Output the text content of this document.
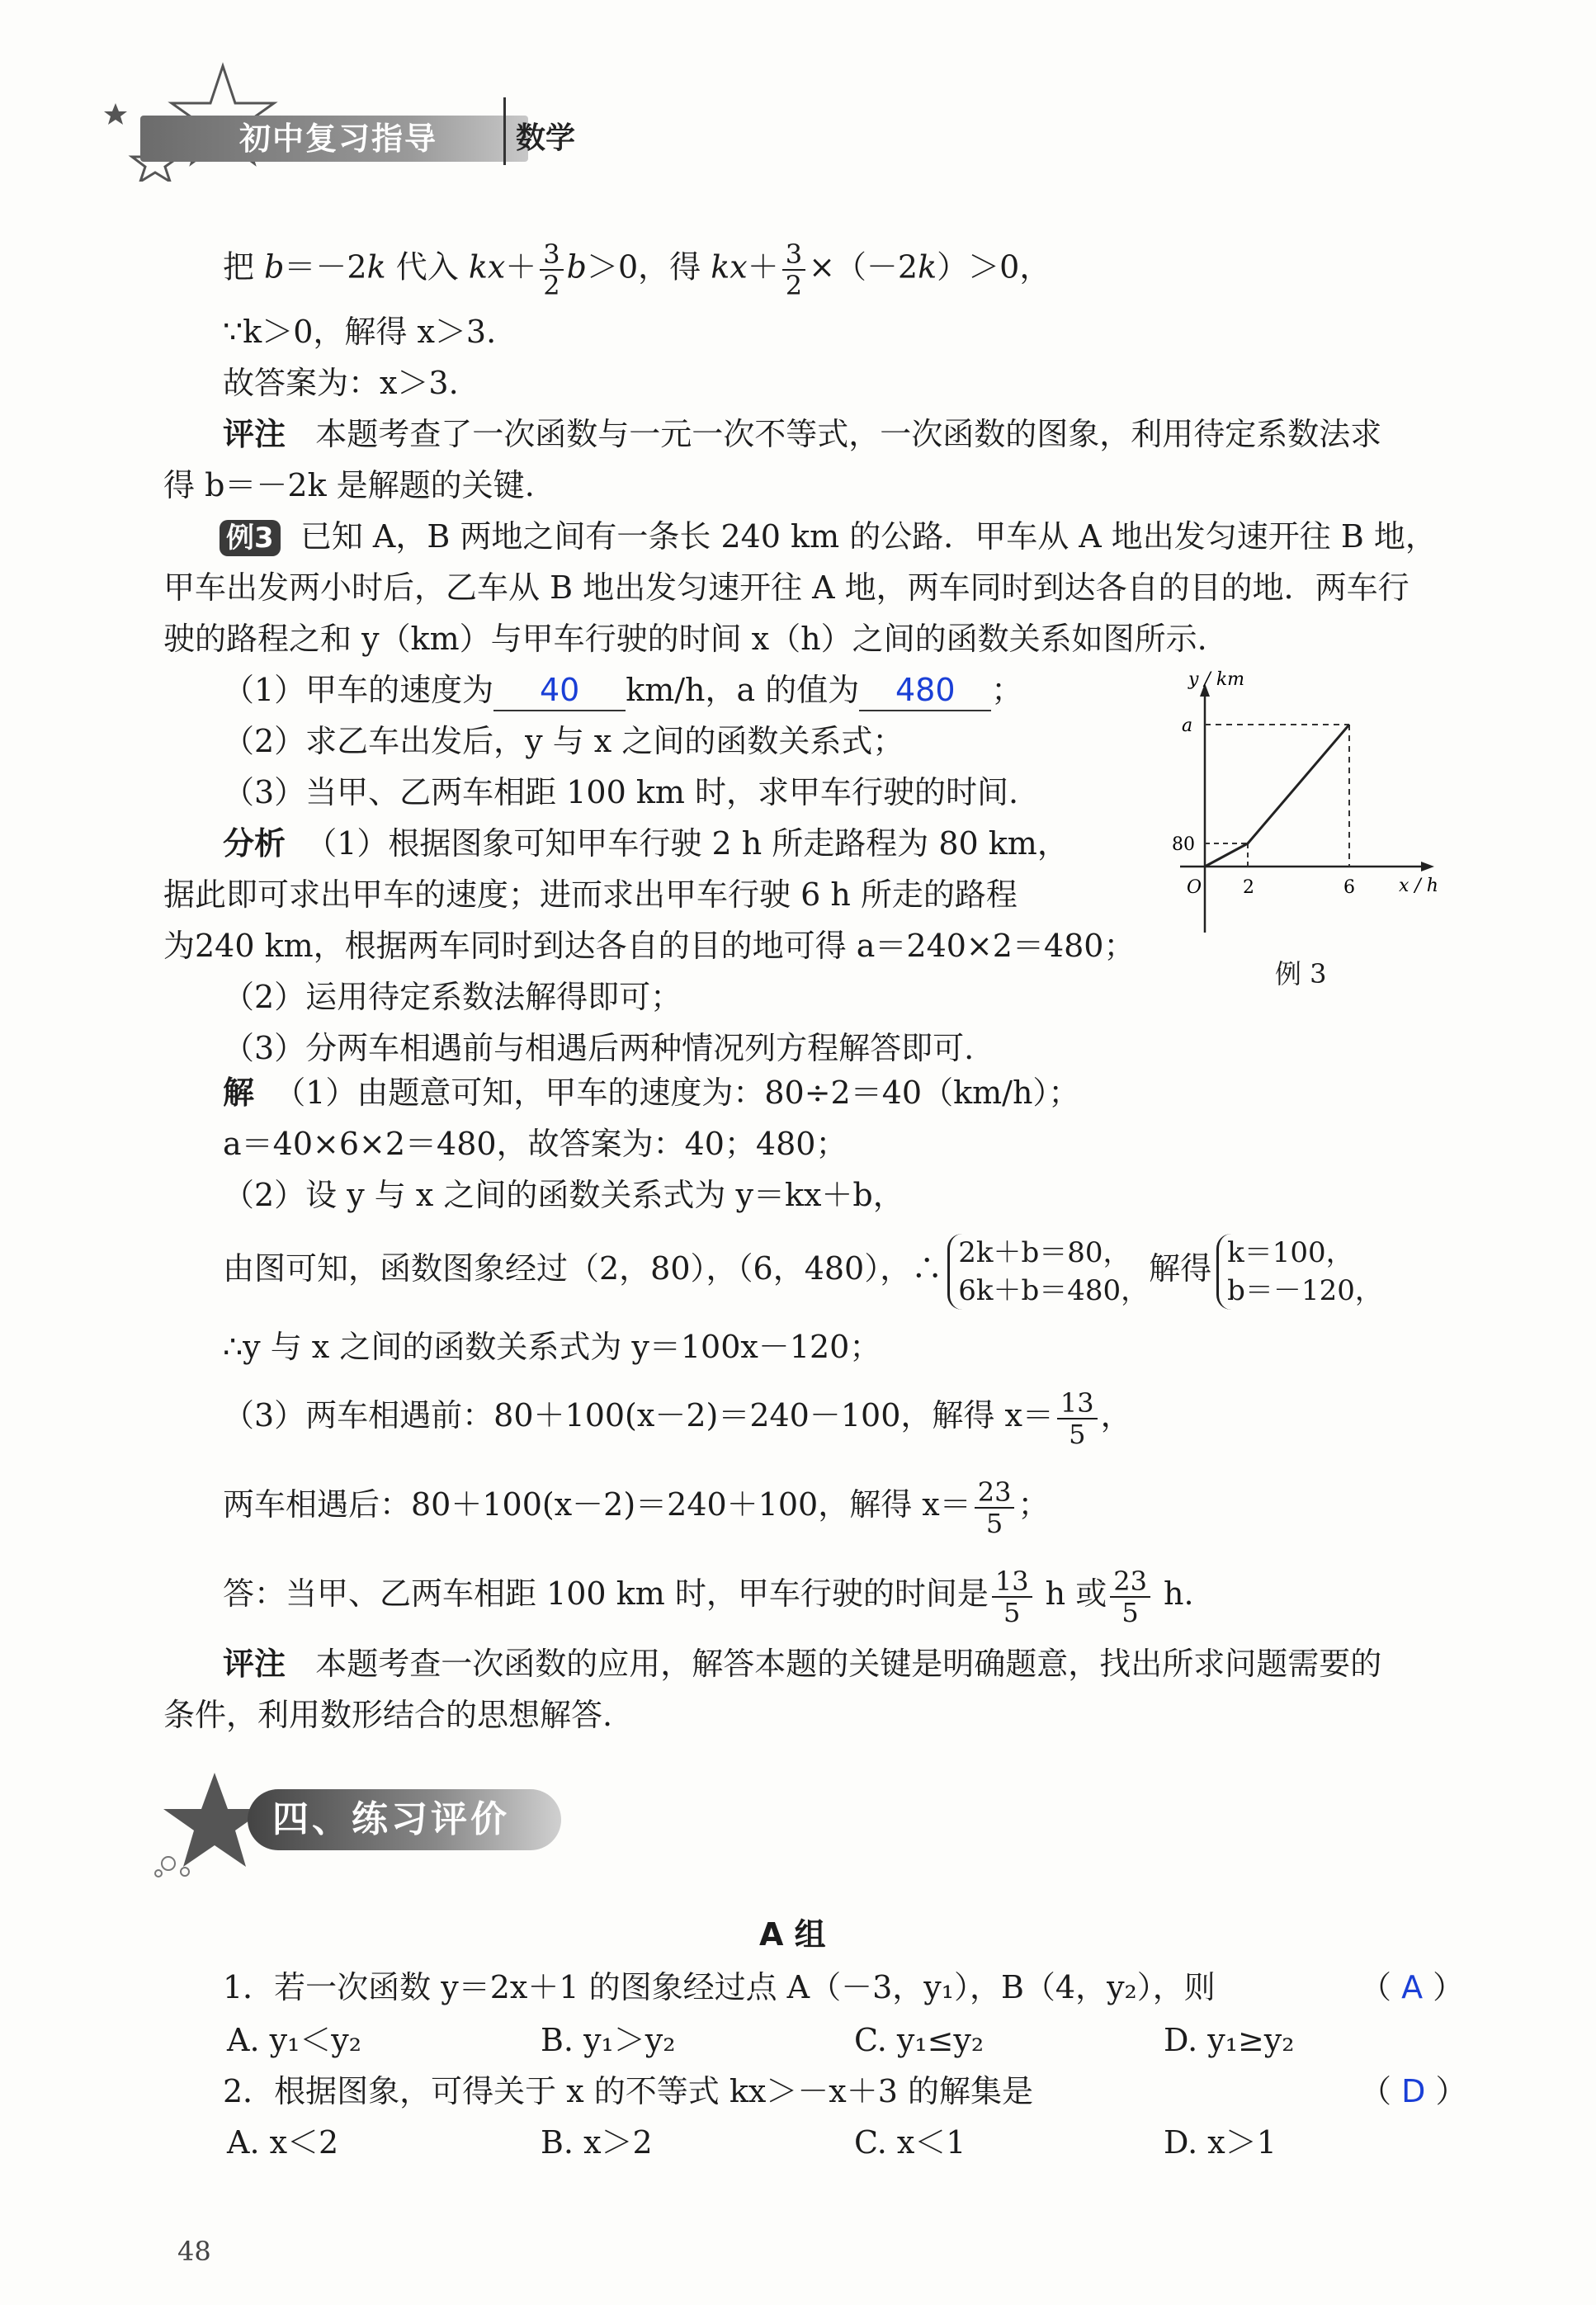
初中复习指导	数学
把 b＝－2k 代入 $kx+ \frac{3}{2} b>0$，得 $kx+ \frac{3}{2} \times(-2k)>0$，
∵k＞0，解得 x＞3.
故答案为：x＞3.
评注 本题考查了一次函数与一元一次不等式，一次函数的图象，利用待定系数法求
得 b＝－2k 是解题的关键.
例3 已知 A，B 两地之间有一条长 240 km 的公路．甲车从 A 地出发匀速开往 B 地，
甲车出发两小时后，乙车从 B 地出发匀速开往 A 地，两车同时到达各自的目的地．两车行
驶的路程之和 y（km）与甲车行驶的时间 x（h）之间的函数关系如图所示.
（1）甲车的速度为 40 km/h，a 的值为 480 ；
（2）求乙车出发后，y 与 x 之间的函数关系式；
（3）当甲、乙两车相距 100 km 时，求甲车行驶的时间.
分析 （1）根据图象可知甲车行驶 2 h 所走路程为 80 km，
据此即可求出甲车的速度；进而求出甲车行驶 6 h 所走的路程
为240 km，根据两车同时到达各自的目的地可得 a＝240×2＝480；
（2）运用待定系数法解得即可；
（3）分两车相遇前与相遇后两种情况列方程解答即可.
y / km
x / h
O
a
80
2	6
例 3
解 （1）由题意可知，甲车的速度为：80÷2＝40（km/h）；
a＝40×6×2＝480，故答案为：40；480；
（2）设 y 与 x 之间的函数关系式为 y＝kx＋b，
由图可知，函数图象经过（2，80），（6，480），∴ 2k＋b＝80，
6k＋b＝480，
解得 k＝100，
b＝－120，
∴y 与 x 之间的函数关系式为 y＝100x－120；
（3）两车相遇前：80＋100(x－2)＝240－100，解得 $x= \frac{13}{5}$ ，
两车相遇后：80＋100(x－2)＝240＋100，解得 $x= \frac{23}{5}$ ；
答：当甲、乙两车相距 100 km 时，甲车行驶的时间是 $\frac{13}{5}$ h 或 $\frac{23}{5} h$.
评注 本题考查一次函数的应用，解答本题的关键是明确题意，找出所求问题需要的
条件，利用数形结合的思想解答.
四、练习评价
A 组
1．若一次函数 y＝2x＋1 的图象经过点 A（－3，y₁），B（4，y₂），则	（ A ）
A. y₁＜y₂	B. y₁＞y₂	C. y₁≤y₂	D. y₁≥y₂
2．根据图象，可得关于 x 的不等式 kx＞－x＋3 的解集是	（ D ）
A. x＜2	B. x＞2	C. x＜1	D. x＞1
48
